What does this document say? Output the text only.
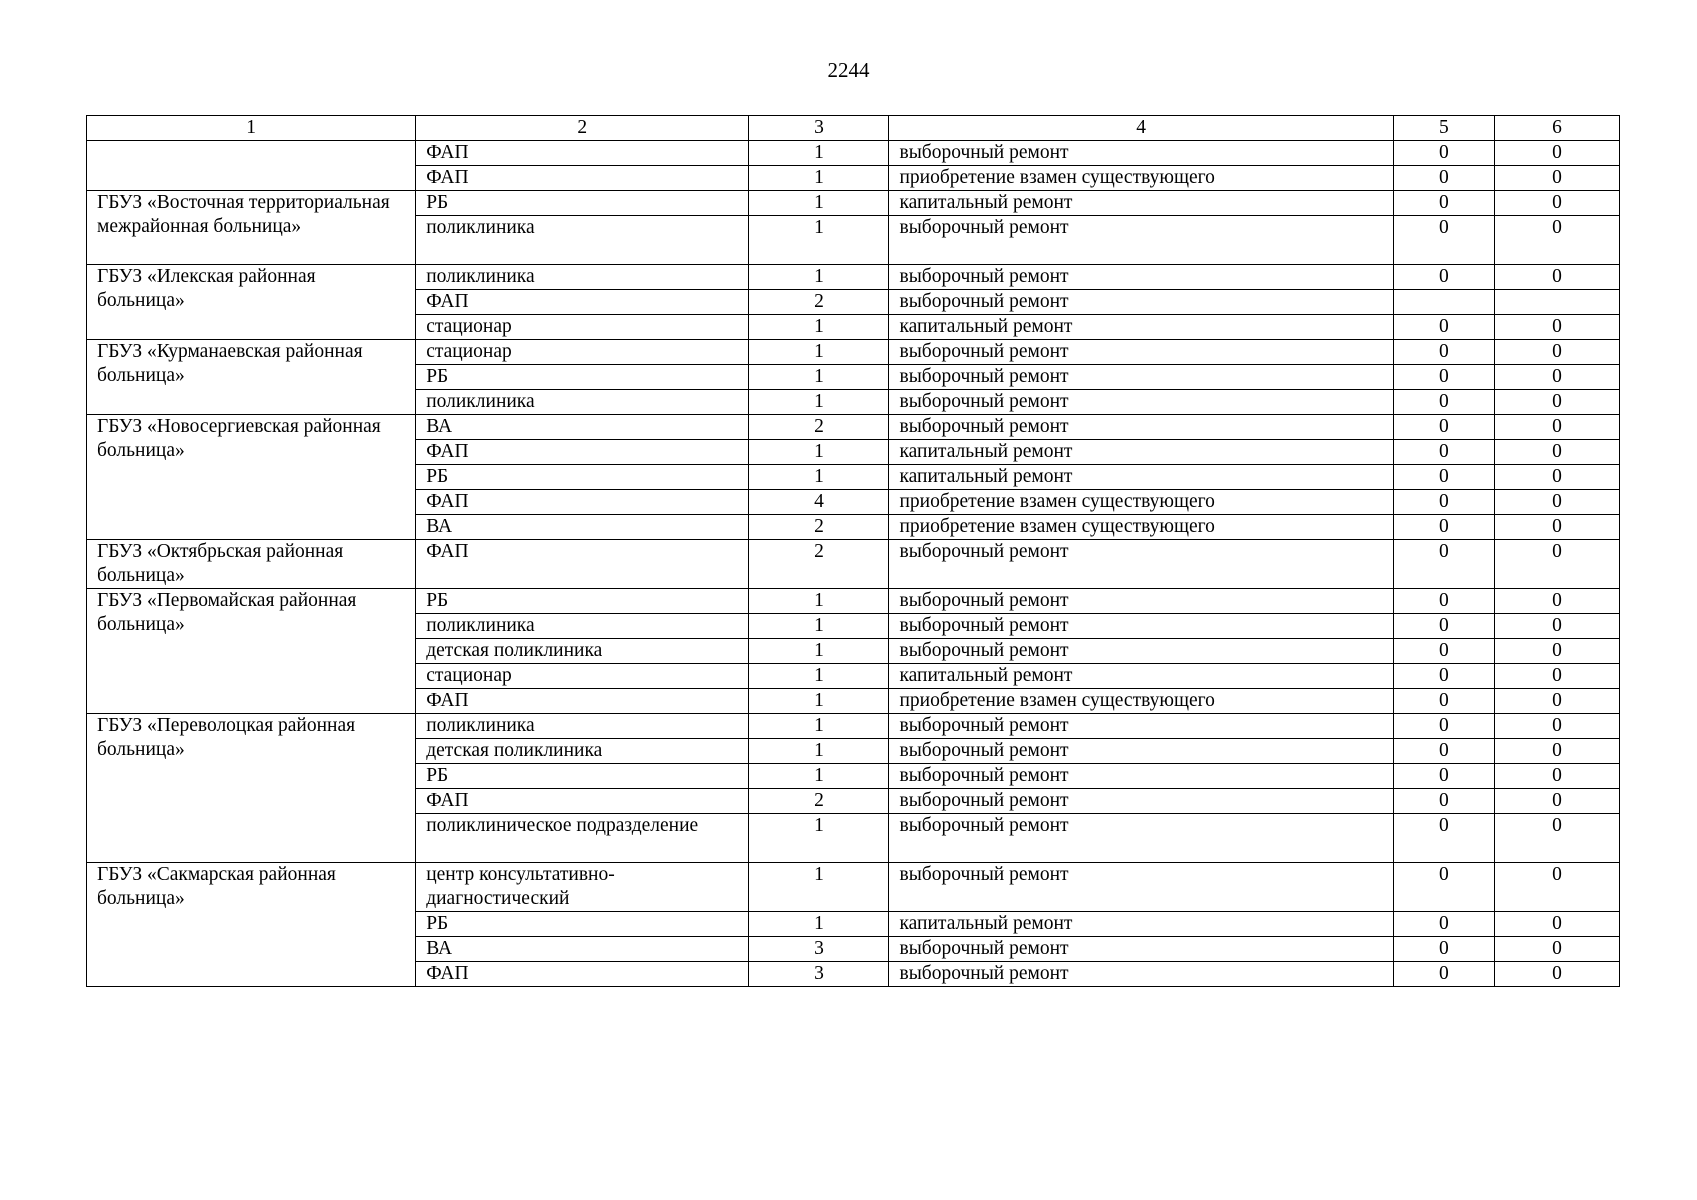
2244
1	2	3	4	5	6
	ФАП	1	выборочный ремонт	0	0
	ФАП	1	приобретение взамен существующего	0	0
ГБУЗ «Восточная территориальная межрайонная больница»	РБ	1	капитальный ремонт	0	0
	поликлиника	1	выборочный ремонт	0	0
ГБУЗ «Илекская районная больница»	поликлиника	1	выборочный ремонт	0	0
	ФАП	2	выборочный ремонт		
	стационар	1	капитальный ремонт	0	0
ГБУЗ «Курманаевская районная больница»	стационар	1	выборочный ремонт	0	0
	РБ	1	выборочный ремонт	0	0
	поликлиника	1	выборочный ремонт	0	0
ГБУЗ «Новосергиевская районная больница»	ВА	2	выборочный ремонт	0	0
	ФАП	1	капитальный ремонт	0	0
	РБ	1	капитальный ремонт	0	0
	ФАП	4	приобретение взамен существующего	0	0
	ВА	2	приобретение взамен существующего	0	0
ГБУЗ «Октябрьская районная больница»	ФАП	2	выборочный ремонт	0	0
ГБУЗ «Первомайская районная больница»	РБ	1	выборочный ремонт	0	0
	поликлиника	1	выборочный ремонт	0	0
	детская поликлиника	1	выборочный ремонт	0	0
	стационар	1	капитальный ремонт	0	0
	ФАП	1	приобретение взамен существующего	0	0
ГБУЗ «Переволоцкая районная больница»	поликлиника	1	выборочный ремонт	0	0
	детская поликлиника	1	выборочный ремонт	0	0
	РБ	1	выборочный ремонт	0	0
	ФАП	2	выборочный ремонт	0	0
	поликлиническое подразделение	1	выборочный ремонт	0	0
ГБУЗ «Сакмарская районная больница»	центр консультативно-диагностический	1	выборочный ремонт	0	0
	РБ	1	капитальный ремонт	0	0
	ВА	3	выборочный ремонт	0	0
	ФАП	3	выборочный ремонт	0	0
